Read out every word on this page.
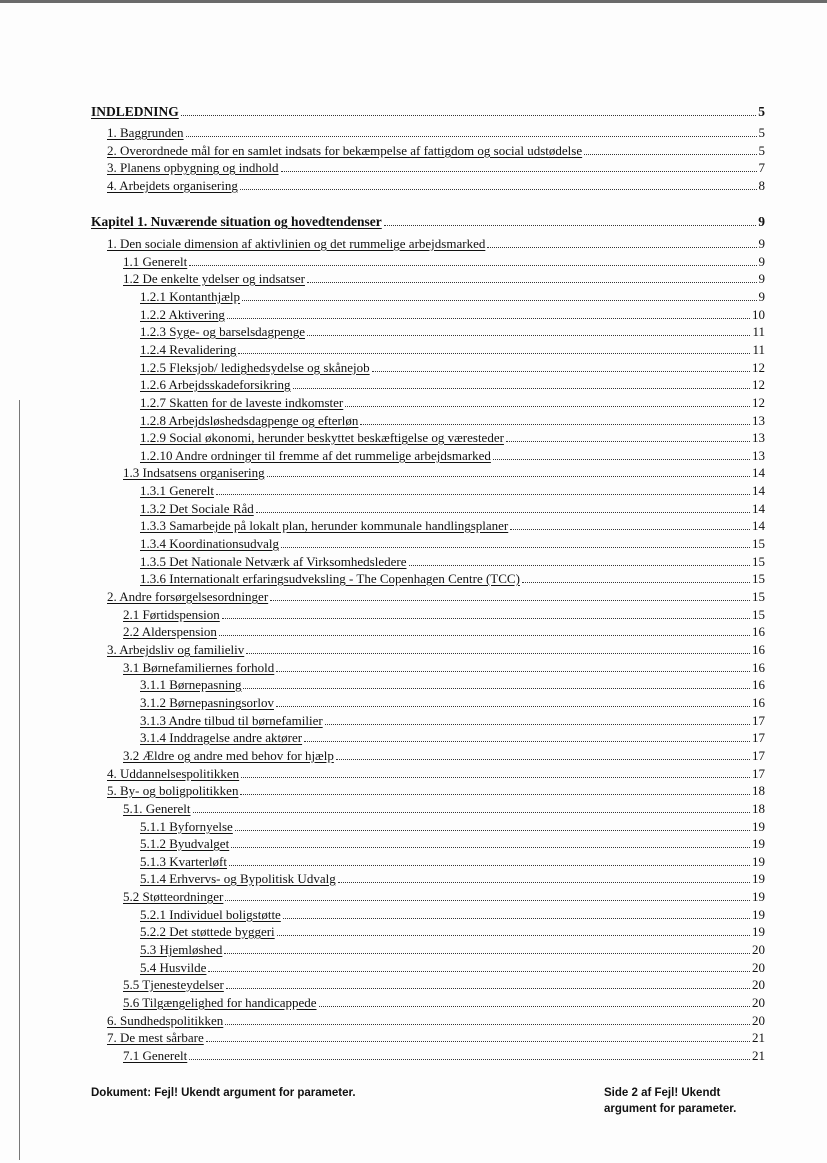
INDLEDNING	5
1. Baggrunden	5
2. Overordnede mål for en samlet indsats for bekæmpelse af fattigdom og social udstødelse	5
3. Planens opbygning og indhold	7
4. Arbejdets organisering	8
Kapitel 1. Nuværende situation og hovedtendenser	9
1. Den sociale dimension af aktivlinien og det rummelige arbejdsmarked	9
1.1 Generelt	9
1.2 De enkelte ydelser og indsatser	9
1.2.1 Kontanthjælp	9
1.2.2 Aktivering	10
1.2.3 Syge- og barselsdagpenge	11
1.2.4 Revalidering	11
1.2.5 Fleksjob/ ledighedsydelse og skånejob	12
1.2.6 Arbejdsskadeforsikring	12
1.2.7 Skatten for de laveste indkomster	12
1.2.8 Arbejdsløshedsdagpenge og efterløn	13
1.2.9 Social økonomi, herunder beskyttet beskæftigelse og væresteder	13
1.2.10 Andre ordninger til fremme af det rummelige arbejdsmarked	13
1.3 Indsatsens organisering	14
1.3.1 Generelt	14
1.3.2 Det Sociale Råd	14
1.3.3 Samarbejde på lokalt plan, herunder kommunale handlingsplaner	14
1.3.4 Koordinationsudvalg	15
1.3.5 Det Nationale Netværk af Virksomhedsledere	15
1.3.6 Internationalt erfaringsudveksling - The Copenhagen Centre (TCC)	15
2. Andre forsørgelsesordninger	15
2.1 Førtidspension	15
2.2 Alderspension	16
3. Arbejdsliv og familieliv	16
3.1 Børnefamiliernes forhold	16
3.1.1 Børnepasning	16
3.1.2 Børnepasningsorlov	16
3.1.3 Andre tilbud til børnefamilier	17
3.1.4 Inddragelse andre aktører	17
3.2 Ældre og andre med behov for hjælp	17
4. Uddannelsespolitikken	17
5. By- og boligpolitikken	18
5.1. Generelt	18
5.1.1 Byfornyelse	19
5.1.2 Byudvalget	19
5.1.3 Kvarterløft	19
5.1.4 Erhvervs- og Bypolitisk Udvalg	19
5.2 Støtteordninger	19
5.2.1 Individuel boligstøtte	19
5.2.2 Det støttede byggeri	19
5.3 Hjemløshed	20
5.4 Husvilde	20
5.5 Tjenesteydelser	20
5.6 Tilgængelighed for handicappede	20
6. Sundhedspolitikken	20
7. De mest sårbare	21
7.1 Generelt	21
Dokument: Fejl! Ukendt argument for parameter.	Side 2 af Fejl! Ukendt argument for parameter.
